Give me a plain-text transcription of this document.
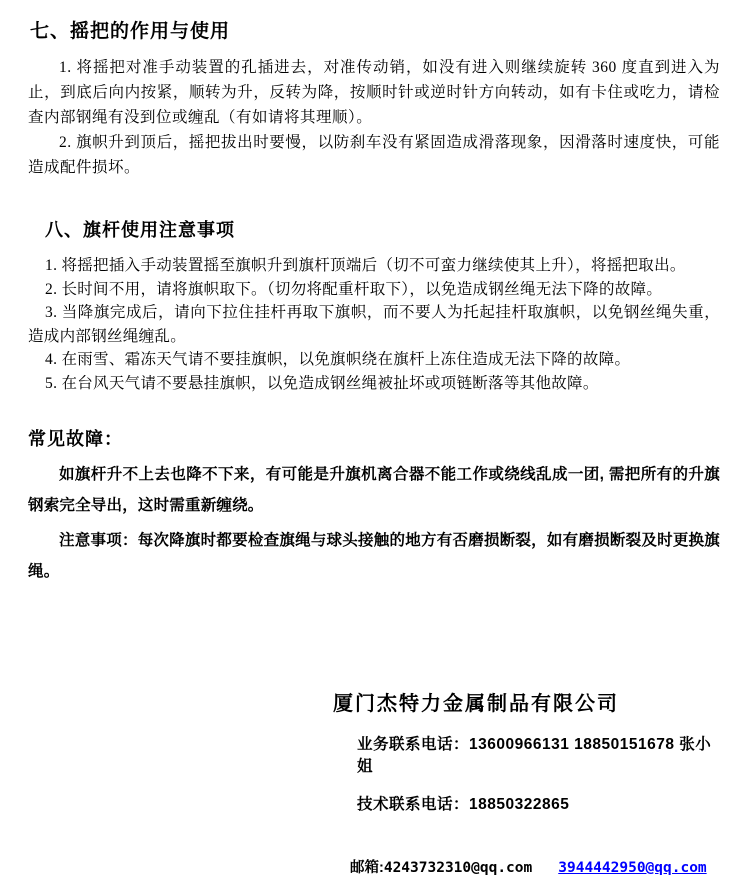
七、摇把的作用与使用

1. 将摇把对准手动装置的孔插进去，对准传动销，如没有进入则继续旋转 360 度直到进入为止，到底后向内按紧，顺转为升，反转为降，按顺时针或逆时针方向转动，如有卡住或吃力，请检查内部钢绳有没到位或缠乱（有如请将其理顺）。

2. 旗帜升到顶后，摇把拔出时要慢，以防刹车没有紧固造成滑落现象，因滑落时速度快，可能造成配件损坏。

八、旗杆使用注意事项

1. 将摇把插入手动装置摇至旗帜升到旗杆顶端后（切不可蛮力继续使其上升），将摇把取出。

2. 长时间不用，请将旗帜取下。（切勿将配重杆取下），以免造成钢丝绳无法下降的故障。

3. 当降旗完成后，请向下拉住挂杆再取下旗帜，而不要人为托起挂杆取旗帜，以免钢丝绳失重，造成内部钢丝绳缠乱。

4. 在雨雪、霜冻天气请不要挂旗帜，以免旗帜绕在旗杆上冻住造成无法下降的故障。

5. 在台风天气请不要悬挂旗帜，以免造成钢丝绳被扯坏或项链断落等其他故障。

常见故障：

如旗杆升不上去也降不下来，有可能是升旗机离合器不能工作或绕线乱成一团, 需把所有的升旗钢索完全导出，这时需重新缠绕。

注意事项：每次降旗时都要检查旗绳与球头接触的地方有否磨损断裂，如有磨损断裂及时更换旗绳。

厦门杰特力金属制品有限公司
业务联系电话：13600966131 18850151678 张小姐
技术联系电话：18850322865
邮箱:4243732310@qq.com 3944442950@qq.com
